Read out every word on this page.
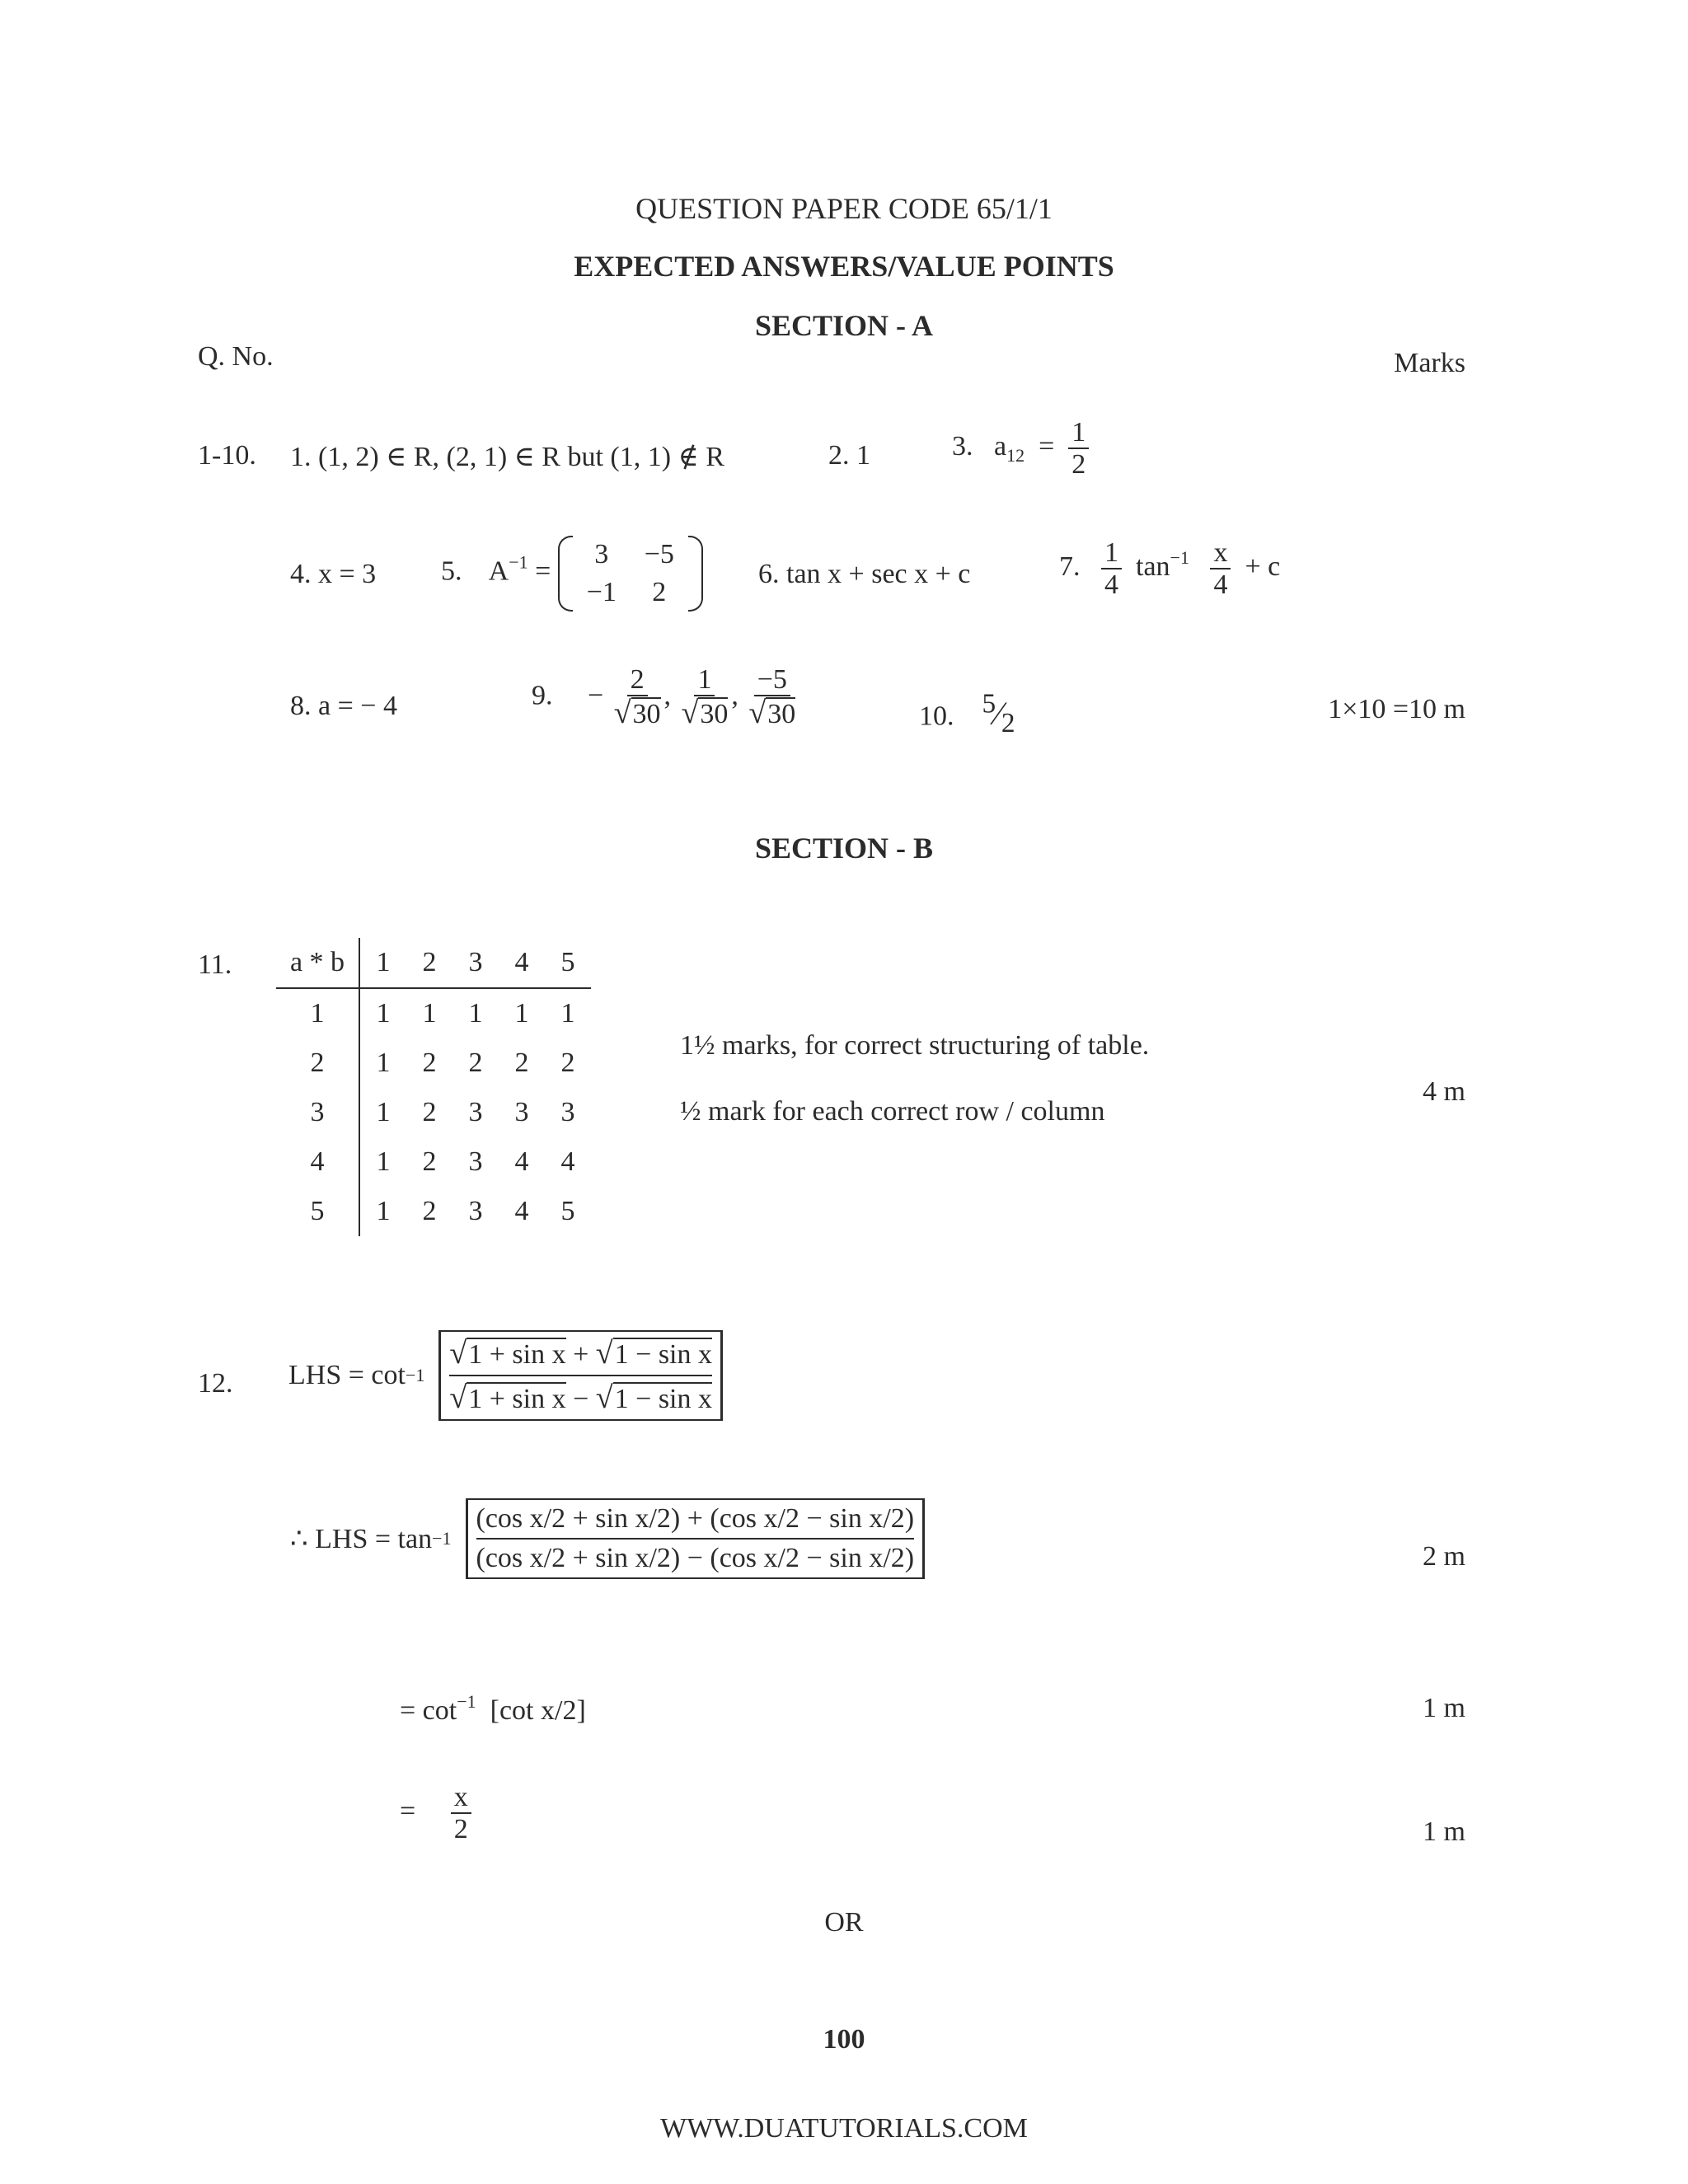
QUESTION PAPER CODE 65/1/1
EXPECTED ANSWERS/VALUE POINTS
SECTION - A
Q. No.	Marks
1-10. 1. (1, 2) ∈ R, (2, 1) ∈ R but (1, 1) ∉ R	2. 1	3. $a_{12} = \frac{1}{2}$
4. x = 3 5. $A^{-1}$ =
3	−5
−1	2
6. tan x + sec x + c	7. $\frac{1}{4} \tan^{-1} \frac{x}{4} + c$
8. a = − 4	9. − $\frac{2}{√30}$ , $\frac{1}{√30}$ , $\frac{-5}{√30}$	10. $^5⁄_2$	1×10 =10 m
SECTION - B
11. a * b	1	2	3	4	5
1	1	1	1	1	1
2	1	2	2	2	2
3	1	2	3	3	3
4	1	2	3	4	4
5	1	2	3	4	5
1½ marks, for correct structuring of table.
½ mark for each correct row / column
4 m
12. LHS = cot −1

√1 + sin x + √1 − sin x
√1 + sin x − √1 − sin x
∴ LHS = tan −1

(cos x/2 + sin x/2) + (cos x/2 − sin x/2)
(cos x/2 + sin x/2) − (cos x/2 − sin x/2)	2 m
= $\cot^{-1} [\cot$ x/2]	1 m
= $\frac{x}{2}$	1 m
OR
100
WWW.DUATUTORIALS.COM
